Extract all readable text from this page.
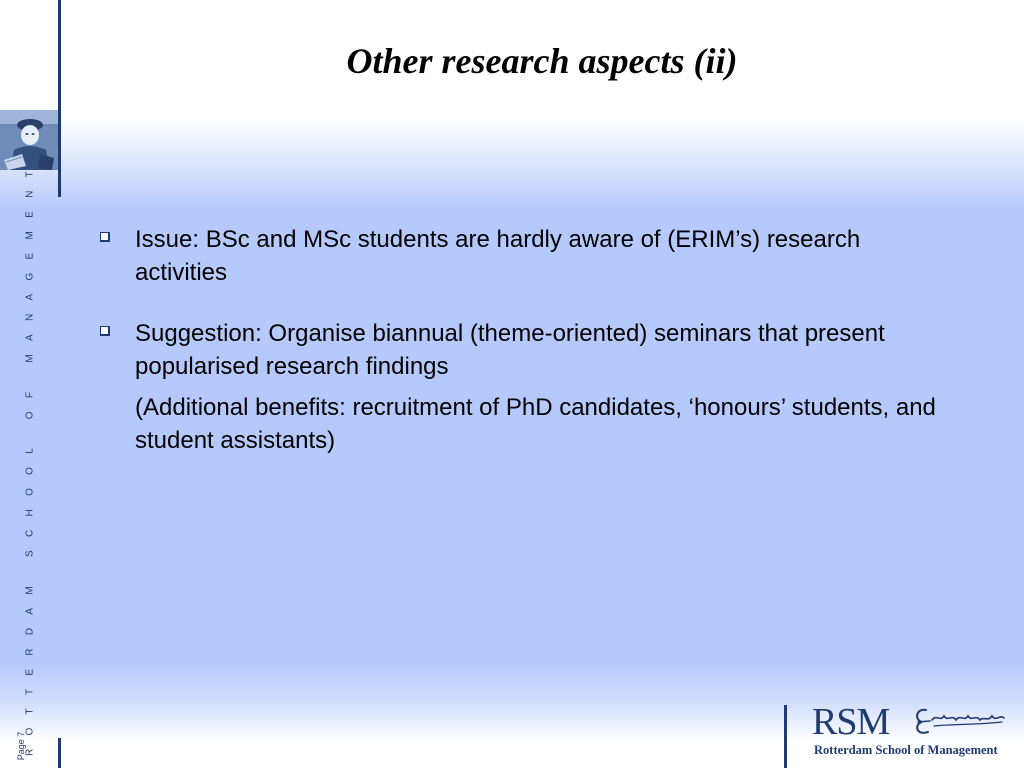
ROTTERDAM SCHOOL OF MANAGEMENT
Page 7
Other research aspects (ii)

Issue: BSc and MSc students are hardly aware of (ERIM’s) research activities

Suggestion: Organise biannual (theme-oriented) seminars that present popularised research findings

(Additional benefits: recruitment of PhD candidates, ‘honours’ students, and student assistants)

RSM
Rotterdam School of Management
